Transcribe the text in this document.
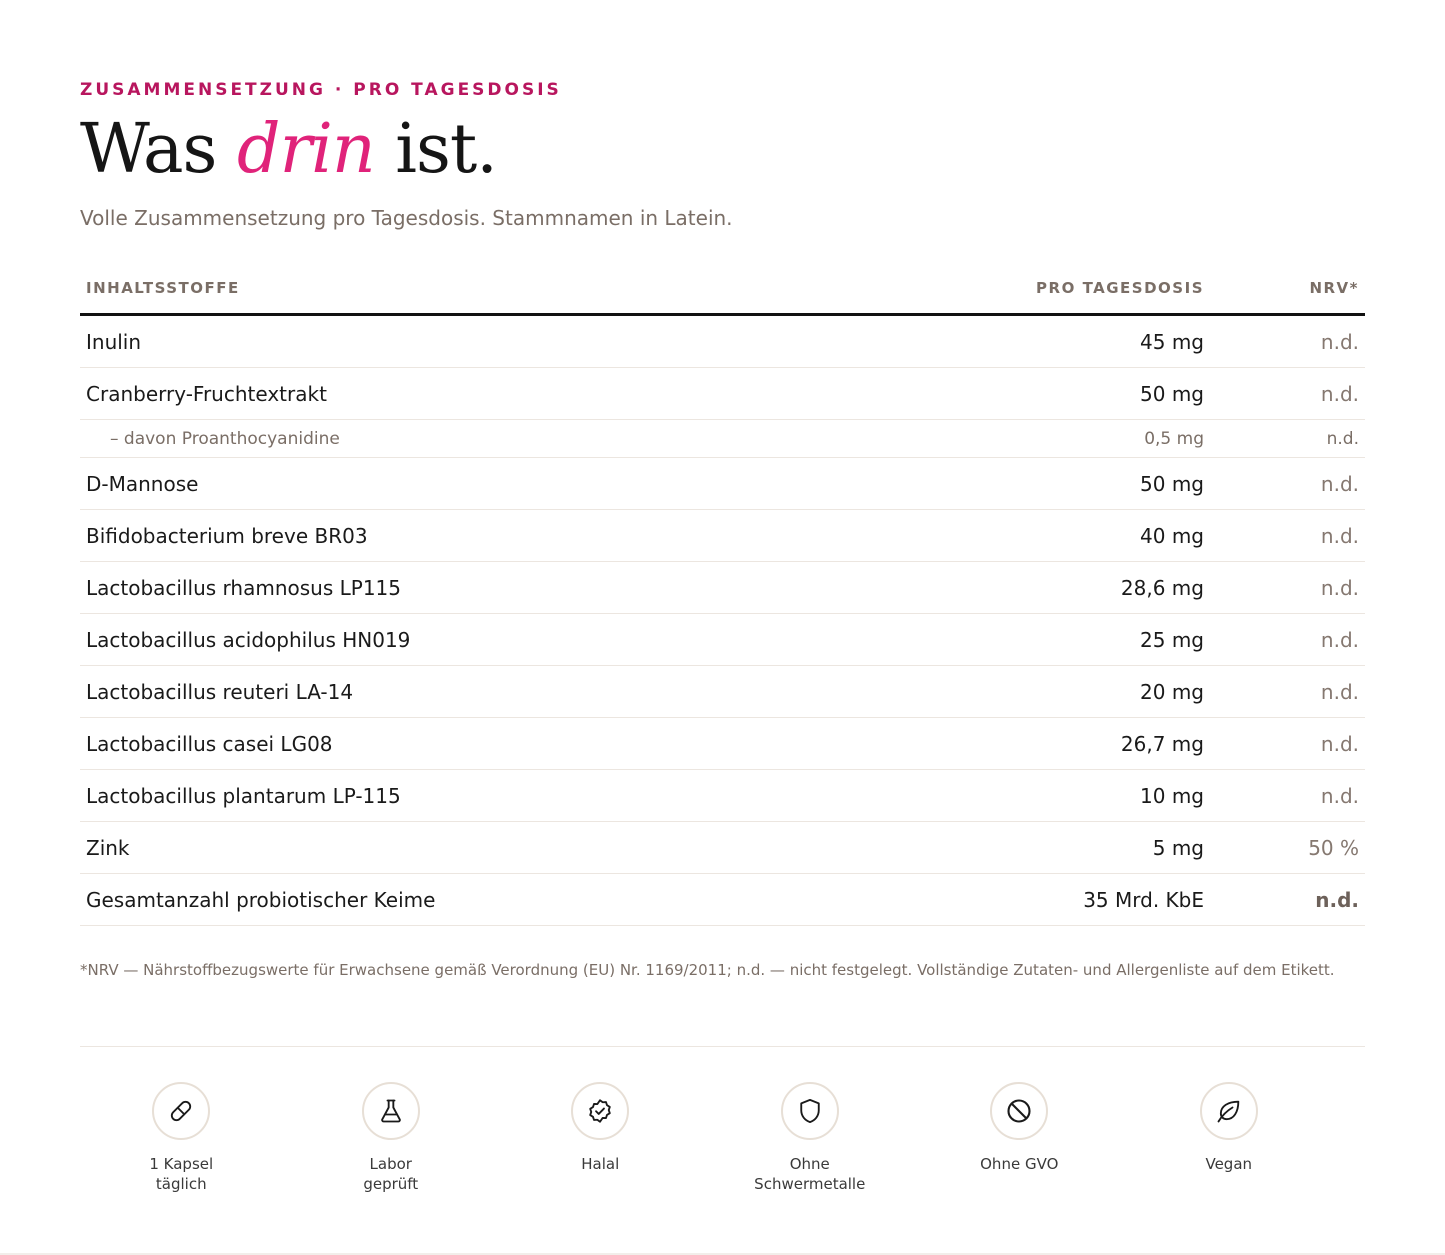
ZUSAMMENSETZUNG · PRO TAGESDOSIS
Was drin ist.
Volle Zusammensetzung pro Tagesdosis. Stammnamen in Latein.
INHALTSSTOFFE	PRO TAGESDOSIS	NRV*
Inulin	45 mg	n.d.
Cranberry-Fruchtextrakt	50 mg	n.d.
– davon Proanthocyanidine	0,5 mg	n.d.
D-Mannose	50 mg	n.d.
Bifidobacterium breve BR03	40 mg	n.d.
Lactobacillus rhamnosus LP115	28,6 mg	n.d.
Lactobacillus acidophilus HN019	25 mg	n.d.
Lactobacillus reuteri LA-14	20 mg	n.d.
Lactobacillus casei LG08	26,7 mg	n.d.
Lactobacillus plantarum LP-115	10 mg	n.d.
Zink	5 mg	50 %
Gesamtanzahl probiotischer Keime	35 Mrd. KbE	n.d.
*NRV — Nährstoffbezugswerte für Erwachsene gemäß Verordnung (EU) Nr. 1169/2011; n.d. — nicht festgelegt. Vollständige Zutaten- und Allergenliste auf dem Etikett.
1 Kapsel
täglich
Labor
geprüft
Halal	Ohne
Schwermetalle
Ohne GVO	Vegan
